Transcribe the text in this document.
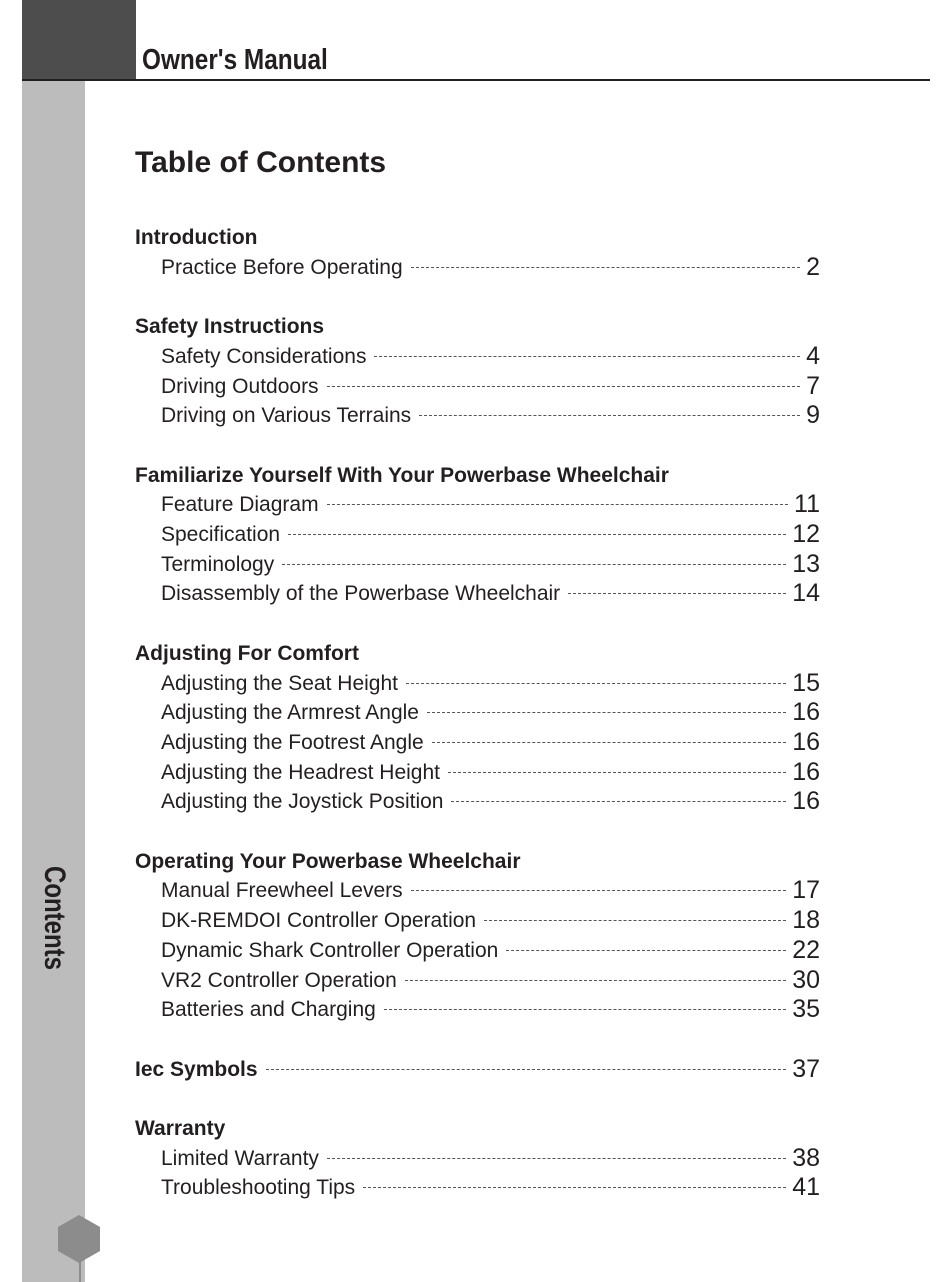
Owner's Manual
Contents
Table of Contents
Introduction
Practice Before Operating	2
Safety Instructions
Safety Considerations	4
Driving Outdoors	7
Driving on Various Terrains	9
Familiarize Yourself With Your Powerbase Wheelchair
Feature Diagram	11
Specification	12
Terminology	13
Disassembly of the Powerbase Wheelchair	14
Adjusting For Comfort
Adjusting the Seat Height	15
Adjusting the Armrest Angle	16
Adjusting the Footrest Angle	16
Adjusting the Headrest Height	16
Adjusting the Joystick Position	16
Operating Your Powerbase Wheelchair
Manual Freewheel Levers	17
DK-REMDOI Controller Operation	18
Dynamic Shark Controller Operation	22
VR2 Controller Operation	30
Batteries and Charging	35
Iec Symbols	37
Warranty
Limited Warranty	38
Troubleshooting Tips	41
